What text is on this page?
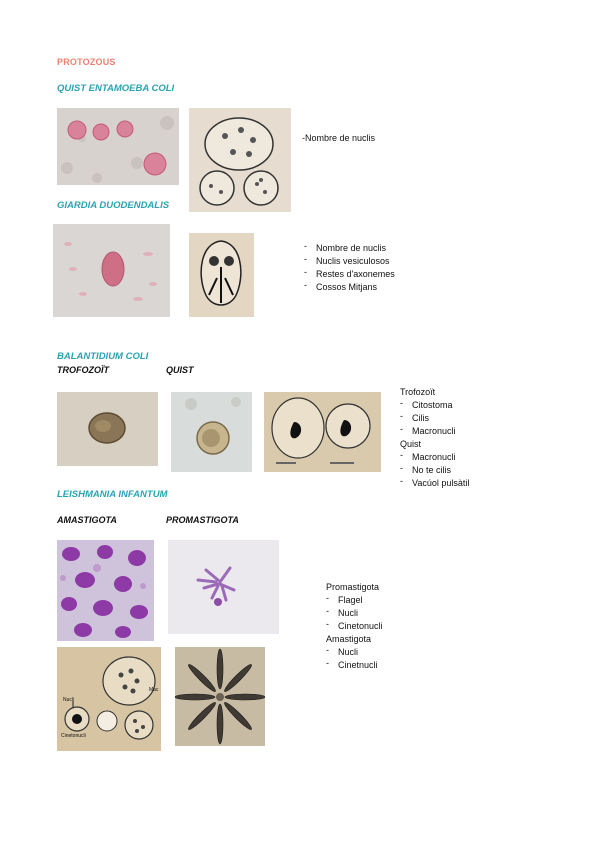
PROTOZOUS
QUIST ENTAMOEBA COLI
-Nombre de nuclis
GIARDIA DUODENDALIS
- Nombre de nuclis
- Nuclis vesiculosos
- Restes d'axonemes
- Cossos Mitjans
BALANTIDIUM COLI
TROFOZOÏT	QUIST
Trofozoït
- Citostoma
- Cilis
- Macronucli
Quist
- Macronucli
- No te cilis
- Vacúol pulsàtil
LEISHMANIA INFANTUM
AMASTIGOTA	PROMASTIGOTA
Nucli
Cinetonucli
Mac
Promastigota
- Flagel
- Nucli
- Cinetonucli
Amastigota
- Nucli
- Cinetnucli
